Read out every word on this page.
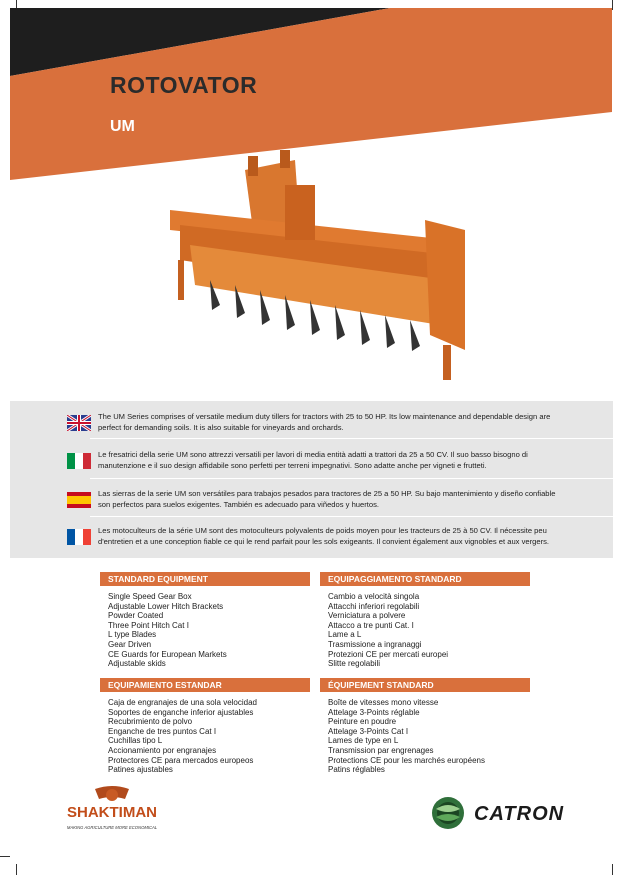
ROTOVATOR
UM
The UM Series comprises of versatile medium duty tillers for tractors with 25 to 50 HP. Its low maintenance and dependable design are perfect for demanding soils. It is also suitable for vineyards and orchards.
Le fresatrici della serie UM sono attrezzi versatili per lavori di media entità adatti a trattori da 25 a 50 CV. Il suo basso bisogno di manutenzione e il suo design affidabile sono perfetti per terreni impegnativi. Sono adatte anche per vigneti e frutteti.
Las sierras de la serie UM son versátiles para trabajos pesados para tractores de 25 a 50 HP. Su bajo mantenimiento y diseño confiable son perfectos para suelos exigentes. También es adecuado para viñedos y huertos.
Les motoculteurs de la série UM sont des motoculteurs polyvalents de poids moyen pour les tracteurs de 25 à 50 CV. Il nécessite peu d'entretien et a une conception fiable ce qui le rend parfait pour les sols exigeants. Il convient également aux vignobles et aux vergers.
STANDARD EQUIPMENT
Single Speed Gear Box
Adjustable Lower Hitch Brackets
Powder Coated
Three Point Hitch Cat I
L type Blades
Gear Driven
CE Guards for European Markets
Adjustable skids
EQUIPAGGIAMENTO STANDARD
Cambio a velocità singola
Attacchi inferiori regolabili
Verniciatura a polvere
Attacco a tre punti Cat. I
Lame a L
Trasmissione a ingranaggi
Protezioni CE per mercati europei
Slitte regolabili
EQUIPAMIENTO ESTANDAR
Caja de engranajes de una sola velocidad
Soportes de enganche inferior ajustables
Recubrimiento de polvo
Enganche de tres puntos Cat I
Cuchillas tipo L
Accionamiento por engranajes
Protectores CE para mercados europeos
Patines ajustables
ÉQUIPEMENT STANDARD
Boîte de vitesses mono vitesse
Attelage 3-Points réglable
Peinture en poudre
Attelage 3-Points Cat I
Lames de type en L
Transmission par engrenages
Protections CE pour les marchés européens
Patins réglables
SHAKTIMAN
MAKING AGRICULTURE MORE ECONOMICAL
CATRON
